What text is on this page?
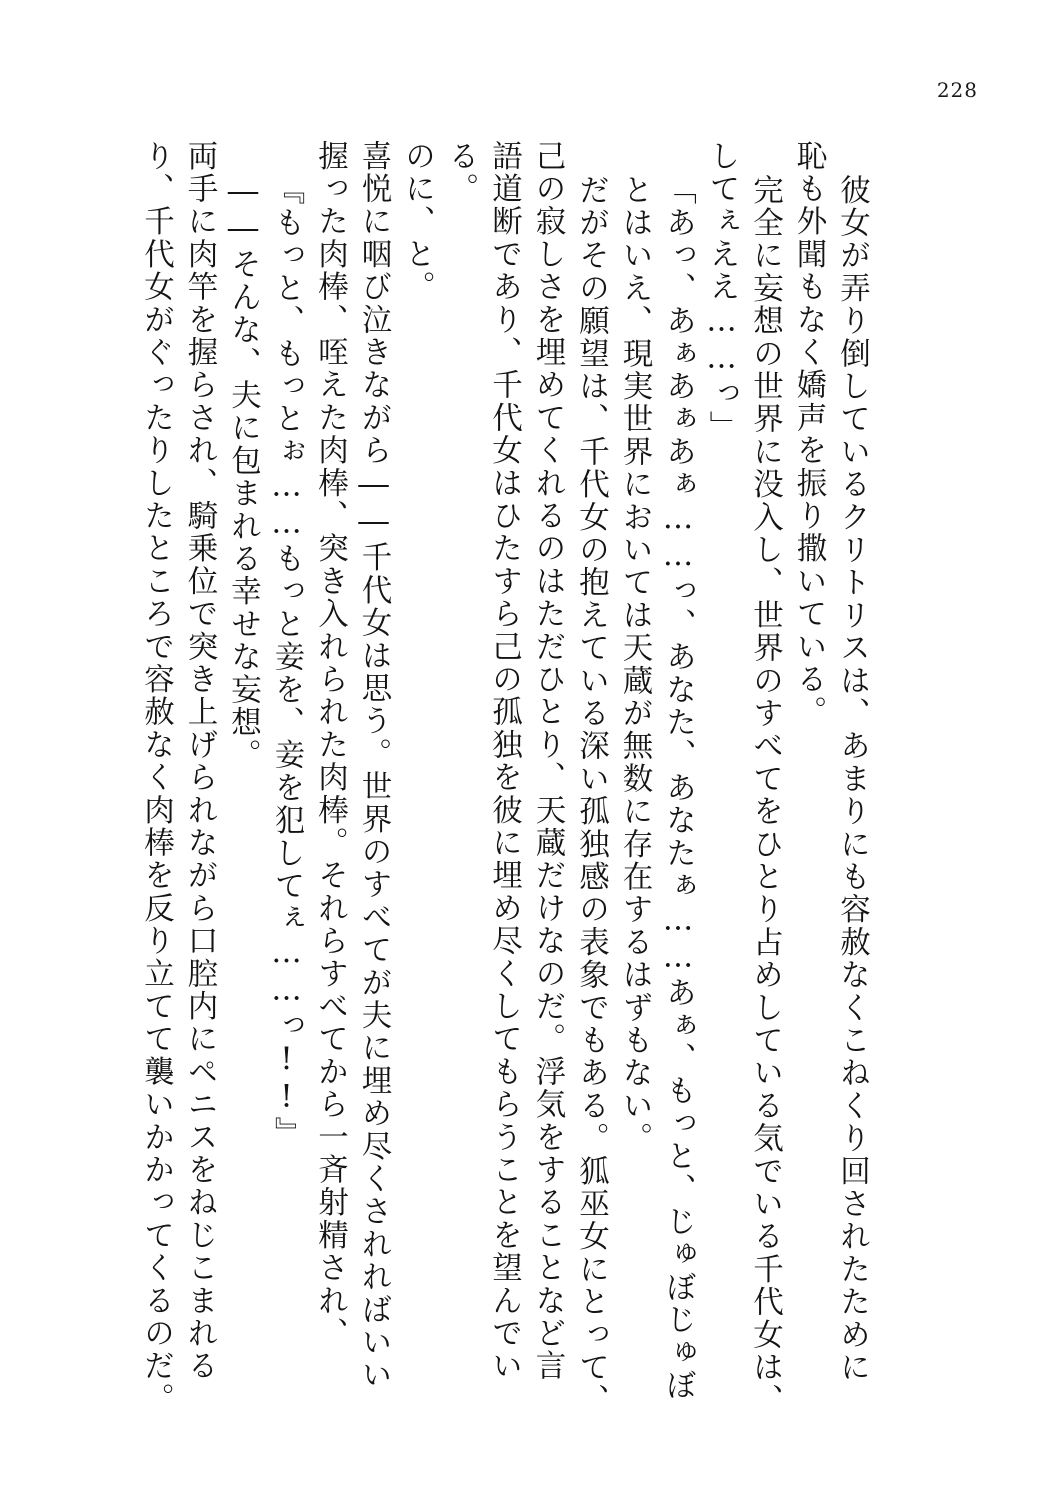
228
り、千代女がぐったりしたところで容赦なく肉棒を反り立てて襲いかかってくるのだ。 両手に肉竿を握らされ、騎乗位で突き上げられながら口腔内にペニスをねじこまれる ――そんな、夫に包まれる幸せな妄想。 『もっと、もっとぉ……もっと妾を、妾を犯してぇ……っ!!』 握った肉棒、咥えた肉棒、突き入れられた肉棒。それらすべてから一斉射精され、 喜悦に咽び泣きながら――千代女は思う。世界のすべてが夫に埋め尽くされればいい のに、と。 る。 語道断であり、千代女はひたすら己の孤独を彼に埋め尽くしてもらうことを望んでい 己の寂しさを埋めてくれるのはただひとり、天蔵だけなのだ。浮気をすることなど言 だがその願望は、千代女の抱えている深い孤独感の表象でもある。狐巫女にとって、 とはいえ、現実世界においては天蔵が無数に存在するはずもない。 「あっ、あぁあぁあぁ……っ、あなた、あなたぁ……あぁ、もっと、じゅぼじゅぼ してぇええ……っ」 完全に妄想の世界に没入し、世界のすべてをひとり占めしている気でいる千代女は、 恥も外聞もなく嬌声を振り撒いている。 彼女が弄り倒しているクリトリスは、あまりにも容赦なくこねくり回されたために
